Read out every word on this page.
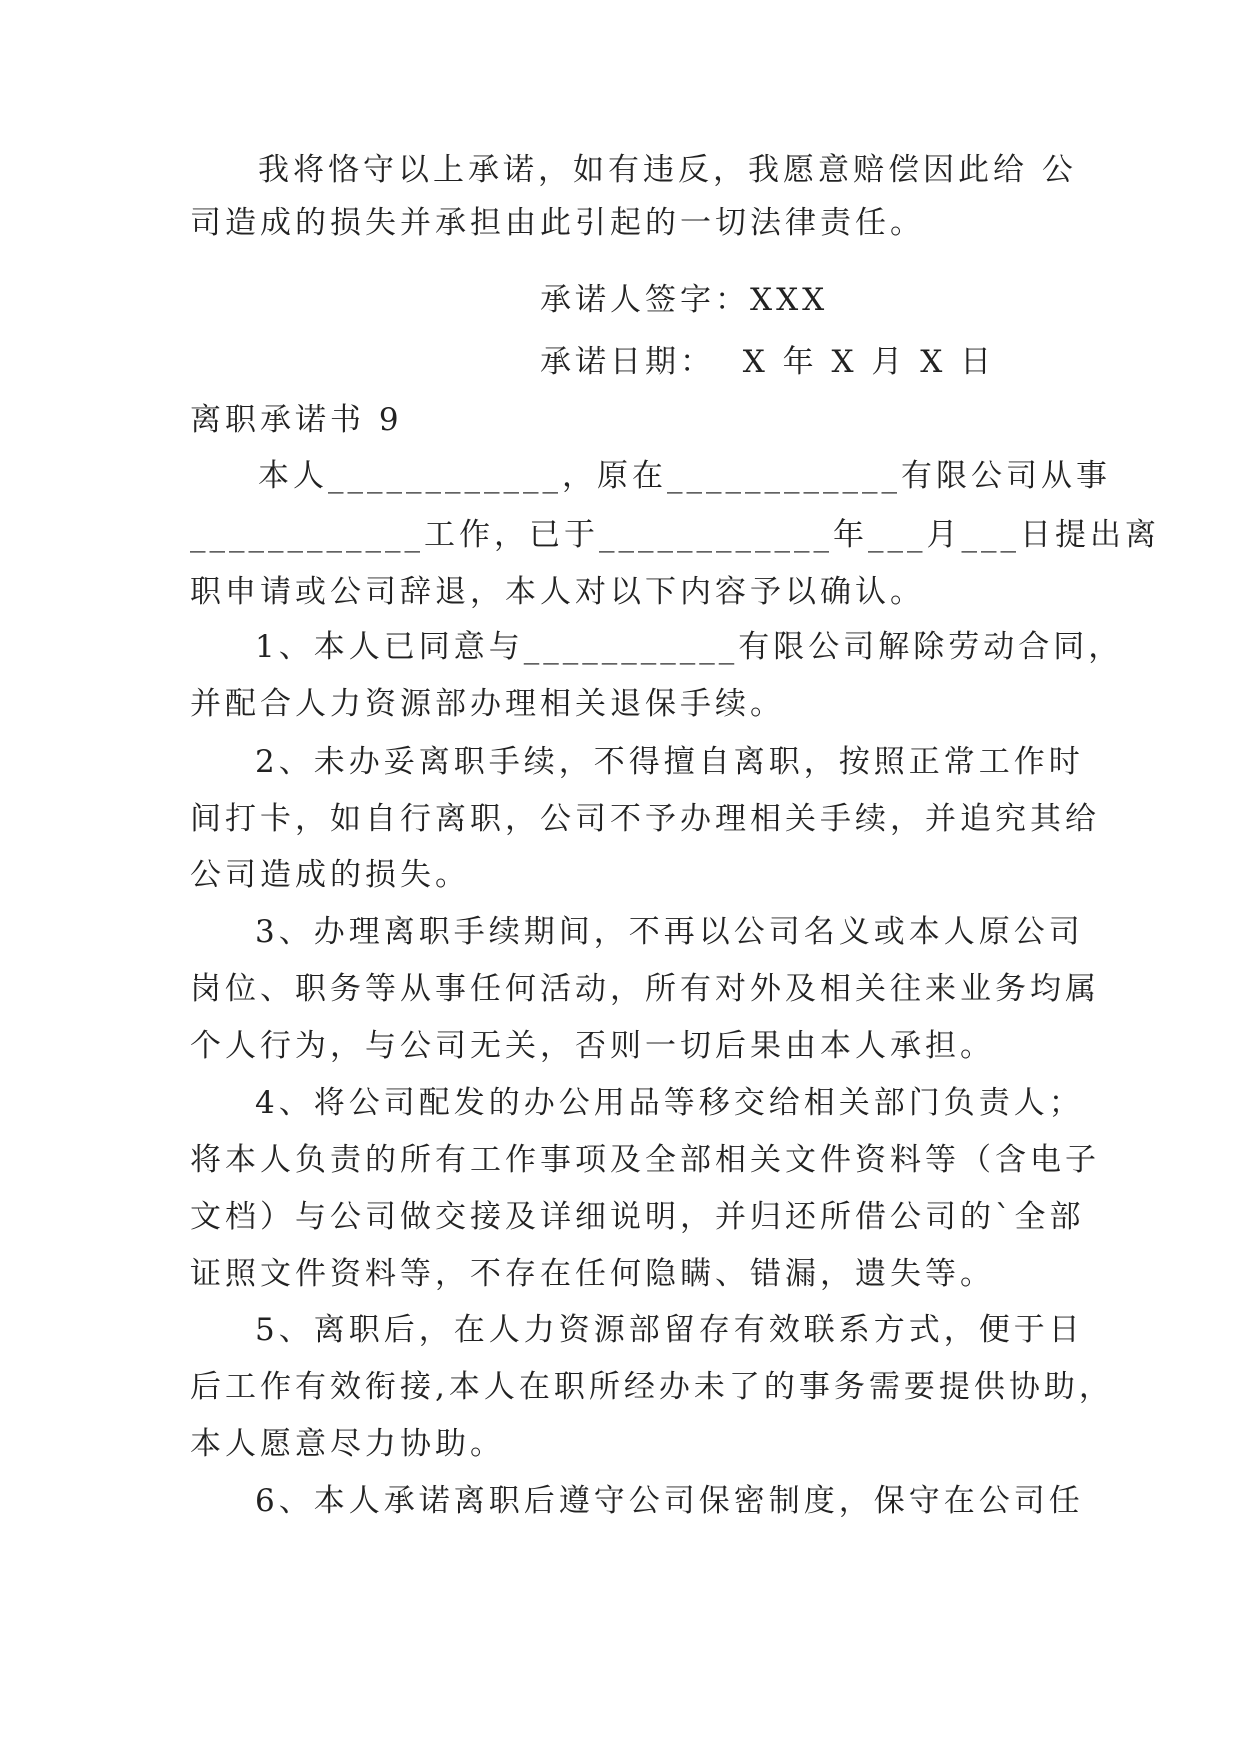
我将恪守以上承诺，如有违反，我愿意赔偿因此给 公

司造成的损失并承担由此引起的一切法律责任。

承诺人签字：XXX

承诺日期：  X 年 X 月 X 日

离职承诺书 9

本人____________，原在____________有限公司从事

____________工作，已于____________年___月___日提出离

职申请或公司辞退，本人对以下内容予以确认。

1、本人已同意与___________有限公司解除劳动合同，

并配合人力资源部办理相关退保手续。

2、未办妥离职手续，不得擅自离职，按照正常工作时

间打卡，如自行离职，公司不予办理相关手续，并追究其给

公司造成的损失。

3、办理离职手续期间，不再以公司名义或本人原公司

岗位、职务等从事任何活动，所有对外及相关往来业务均属

个人行为，与公司无关，否则一切后果由本人承担。

4、将公司配发的办公用品等移交给相关部门负责人；

将本人负责的所有工作事项及全部相关文件资料等（含电子

文档）与公司做交接及详细说明，并归还所借公司的`全部

证照文件资料等，不存在任何隐瞒、错漏，遗失等。

5、离职后，在人力资源部留存有效联系方式，便于日

后工作有效衔接,本人在职所经办未了的事务需要提供协助，

本人愿意尽力协助。

6、本人承诺离职后遵守公司保密制度，保守在公司任
